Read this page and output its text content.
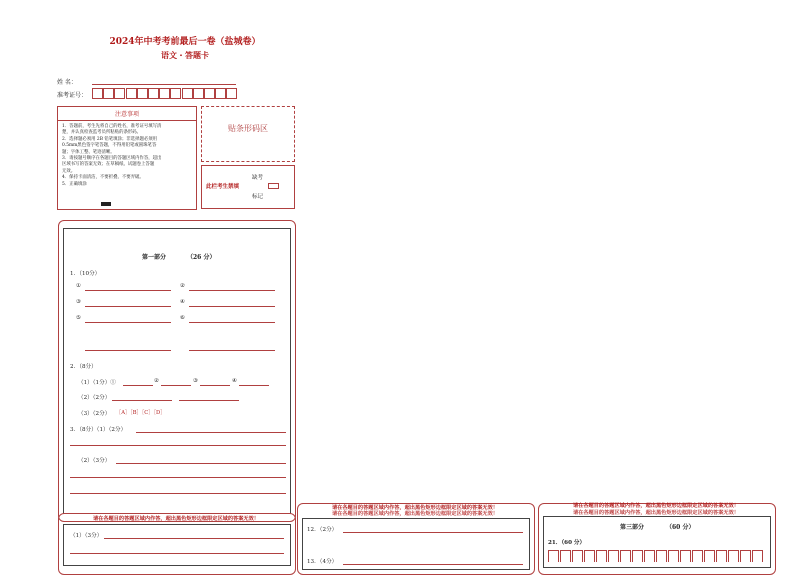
2024年中考考前最后一卷（盐城卷）
语文・答题卡
姓 名：
准考证号：
注意事项
1．答题前，考生先将自己的姓名，准考证号填写清
楚，并认真检查监考员所粘贴的条形码。
2．选择题必须用 2B 铅笔填涂；非选择题必须用
0.5mm黑色签字笔答题，不得用铅笔或圆珠笔答
题；字体工整、笔迹清晰。
3．请按题号顺序在各题目的答题区域内作答，超出
区域书写的答案无效；在草稿纸、试题卷上答题
无效。
4．保持卡面清洁，不要折叠、不要弄破。
5．正确填涂
贴条形码区
此栏考生禁填
缺考
标记
第一部分	（26 分）
1．（10分）
①	②
③	④
⑤	⑥
2．（8分）
（1）（1分）①	②	③	④
（2）（2分）
（3）（2分） ［A］［B］［C］［D］
3．（8分）（1）（2分）
（2）（3分）
请在各题目的答题区域内作答，超出黑色矩形边框限定区域的答案无效！
（1）（3分）
请在各题目的答题区域内作答，超出黑色矩形边框限定区域的答案无效！
请在各题目的答题区域内作答，超出黑色矩形边框限定区域的答案无效！
12．（2分）
13．（4分）
请在各题目的答题区域内作答，超出黑色矩形边框限定区域的答案无效！
请在各题目的答题区域内作答，超出黑色矩形边框限定区域的答案无效！
第三部分	（60 分）
21．（60 分）
